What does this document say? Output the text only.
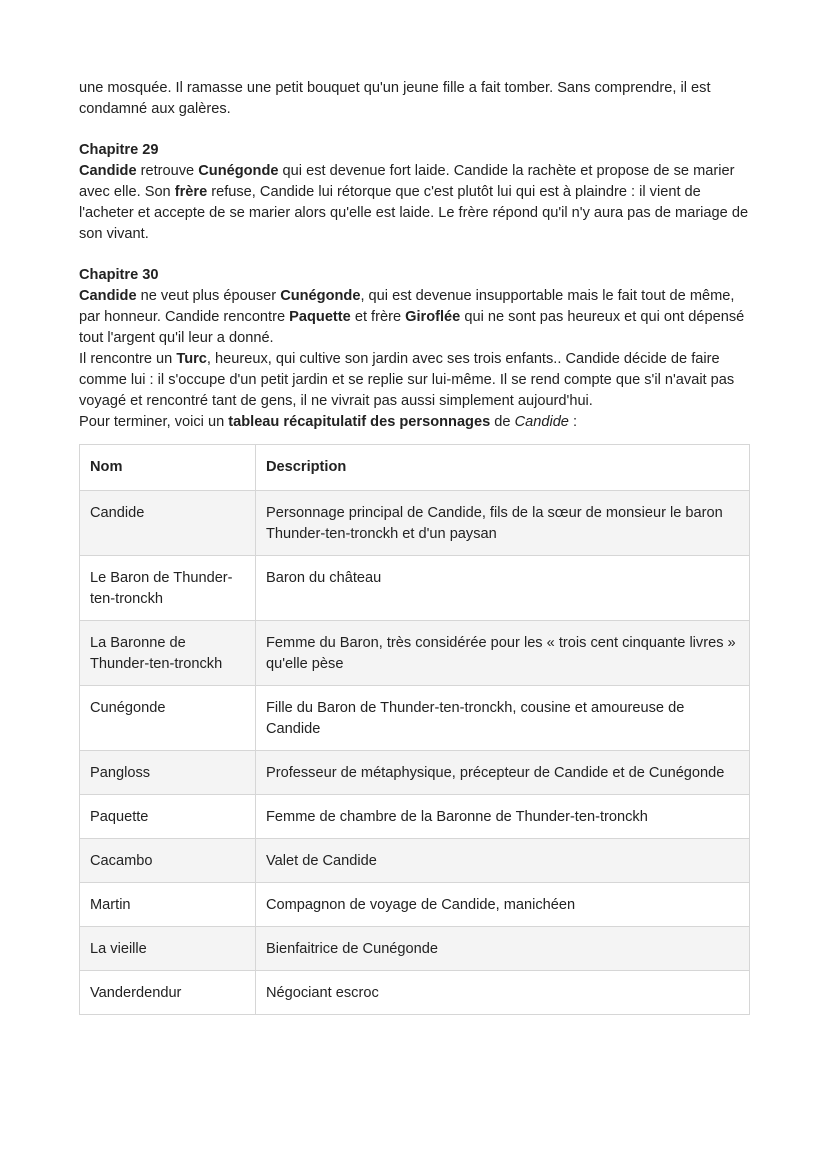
une mosquée. Il ramasse une petit bouquet qu'un jeune fille a fait tomber. Sans comprendre, il est condamné aux galères.

Chapitre 29

Candide retrouve Cunégonde qui est devenue fort laide. Candide la rachète et propose de se marier avec elle. Son frère refuse, Candide lui rétorque que c'est plutôt lui qui est à plaindre : il vient de l'acheter et accepte de se marier alors qu'elle est laide. Le frère répond qu'il n'y aura pas de mariage de son vivant.

Chapitre 30

Candide ne veut plus épouser Cunégonde, qui est devenue insupportable mais le fait tout de même, par honneur. Candide rencontre Paquette et frère Giroflée qui ne sont pas heureux et qui ont dépensé tout l'argent qu'il leur a donné.

Il rencontre un Turc, heureux, qui cultive son jardin avec ses trois enfants.. Candide décide de faire comme lui : il s'occupe d'un petit jardin et se replie sur lui-même. Il se rend compte que s'il n'avait pas voyagé et rencontré tant de gens, il ne vivrait pas aussi simplement aujourd'hui.

Pour terminer, voici un tableau récapitulatif des personnages de Candide :

Nom	Description
Candide	Personnage principal de Candide, fils de la sœur de monsieur le baron Thunder-ten-tronckh et d'un paysan
Le Baron de Thunder-ten-tronckh	Baron du château
La Baronne de Thunder-ten-tronckh	Femme du Baron, très considérée pour les « trois cent cinquante livres » qu'elle pèse
Cunégonde	Fille du Baron de Thunder-ten-tronckh, cousine et amoureuse de Candide
Pangloss	Professeur de métaphysique, précepteur de Candide et de Cunégonde
Paquette	Femme de chambre de la Baronne de Thunder-ten-tronckh
Cacambo	Valet de Candide
Martin	Compagnon de voyage de Candide, manichéen
La vieille	Bienfaitrice de Cunégonde
Vanderdendur	Négociant escroc
